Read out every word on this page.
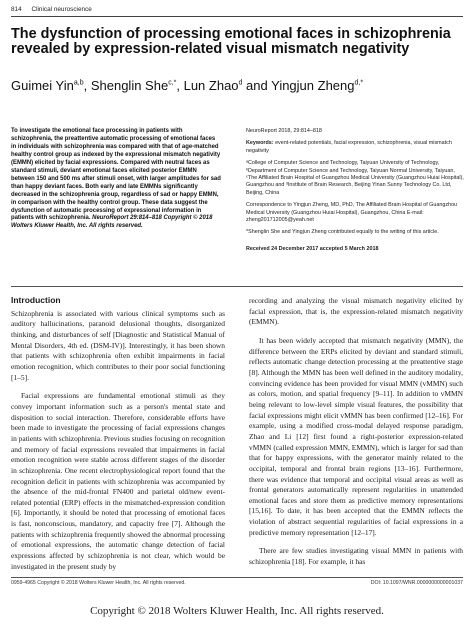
814 Clinical neuroscience
The dysfunction of processing emotional faces in schizophrenia revealed by expression-related visual mismatch negativity
Guimei Yin$^{a,b}$, Shenglin She$^{c,*}$, Lun Zhao$^d$ and Yingjun Zheng$^{d,*}$
To investigate the emotional face processing in patients with schizophrenia, the preattentive automatic processing of emotional faces in individuals with schizophrenia was compared with that of age-matched healthy control group as indexed by the expressional mismatch negativity (EMMN) elicited by facial expressions. Compared with neutral faces as standard stimuli, deviant emotional faces elicited posterior EMMN between 150 and 500 ms after stimuli onset, with larger amplitudes for sad than happy deviant faces. Both early and late EMMNs significantly decreased in the schizophrenia group, regardless of sad or happy EMMN, in comparison with the healthy control group. These data suggest the dysfunction of automatic processing of expressional information in patients with schizophrenia. NeuroReport 29:814–818 Copyright © 2018 Wolters Kluwer Health, Inc. All rights reserved.

NeuroReport 2018, 29:814–818

Keywords: event-related potentials, facial expression, schizophrenia, visual mismatch negativity

ᵃCollege of Computer Science and Technology, Taiyuan University of Technology, ᵇDepartment of Computer Science and Technology, Taiyuan Normal University, Taiyuan, ᶜThe Affiliated Brain Hospital of Guangzhou Medical University (Guangzhou Huiai Hospital), Guangzhou and ᵈInstitute of Brain Research, Beijing Yinan Sunny Technology Co. Ltd, Beijing, China

Correspondence to Yingjun Zheng, MD, PhD, The Affiliated Brain Hospital of Guangzhou Medical University (Guangzhou Huiai Hospital), Guangzhou, China E-mail: zheng201712005@yeah.net

*Shenglin She and Yingjun Zheng contributed equally to the writing of this article.

Received 24 December 2017 accepted 5 March 2018

Introduction

Schizophrenia is associated with various clinical symptoms such as auditory hallucinations, paranoid delusional thoughts, disorganized thinking, and disturbances of self [Diagnostic and Statistical Manual of Mental Disorders, 4th ed. (DSM-IV)]. Interestingly, it has been shown that patients with schizophrenia often exhibit impairments in facial emotion recognition, which contributes to their poor social functioning [1–5].

Facial expressions are fundamental emotional stimuli as they convey important information such as a person's mental state and disposition to social interaction. Therefore, considerable efforts have been made to investigate the processing of facial expressions changes in patients with schizophrenia. Previous studies focusing on recognition and memory of facial expressions revealed that impairments in facial emotion recognition were stable across different stages of the disorder in schizophrenia. One recent electrophysiological report found that the recognition deficit in patients with schizophrenia was accompanied by the absence of the mid-frontal FN400 and parietal old/new event-related potential (ERP) effects in the mismatched-expression condition [6]. Importantly, it should be noted that processing of emotional faces is fast, nonconscious, mandatory, and capacity free [7]. Although the patients with schizophrenia frequently showed the abnormal processing of emotional expressions, the automatic change detection of facial expressions affected by schizophrenia is not clear, which would be investigated in the present study by

recording and analyzing the visual mismatch negativity elicited by facial expression, that is, the expression-related mismatch negativity (EMMN).

It has been widely accepted that mismatch negativity (MMN), the difference between the ERPs elicited by deviant and standard stimuli, reflects automatic change detection processing at the preattentive stage [8]. Although the MMN has been well defined in the auditory modality, convincing evidence has been provided for visual MMN (vMMN) such as colors, motion, and spatial frequency [9–11]. In addition to vMMN being relevant to low-level simple visual features, the possibility that facial expressions might elicit vMMN has been confirmed [12–16]. For example, using a modified cross-modal delayed response paradigm, Zhao and Li [12] first found a right-posterior expression-related vMMN (called expression MMN, EMMN), which is larger for sad than that for happy expressions, with the generator mainly related to the occipital, temporal and frontal brain regions [13–16]. Furthermore, there was evidence that temporal and occipital visual areas as well as frontal generators automatically represent regularities in unattended emotional faces and store them as predictive memory representations [15,16]. To date, it has been accepted that the EMMN reflects the violation of abstract sequential regularities of facial expressions in a predictive memory representation [12–17].

There are few studies investigating visual MMN in patients with schizophrenia [18]. For example, it has

0959-4965 Copyright © 2018 Wolters Kluwer Health, Inc. All rights reserved.	DOI: 10.1097/WNR.0000000000001037
Copyright © 2018 Wolters Kluwer Health, Inc. All rights reserved.
